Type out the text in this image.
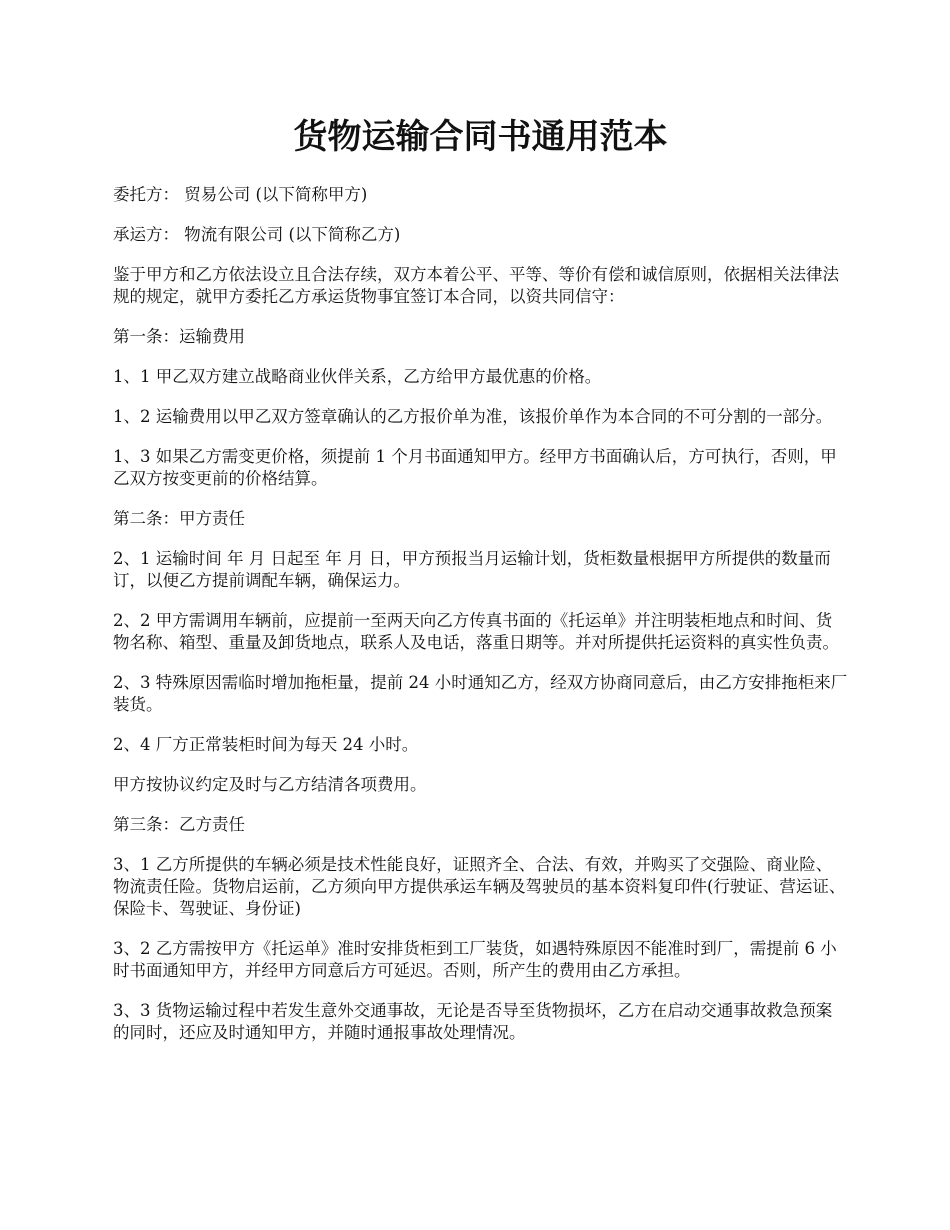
货物运输合同书通用范本

委托方： 贸易公司 (以下简称甲方)

承运方： 物流有限公司 (以下简称乙方)

鉴于甲方和乙方依法设立且合法存续，双方本着公平、平等、等价有偿和诚信原则，依据相关法律法规的规定，就甲方委托乙方承运货物事宜签订本合同，以资共同信守：

第一条：运输费用

1、1 甲乙双方建立战略商业伙伴关系，乙方给甲方最优惠的价格。

1、2 运输费用以甲乙双方签章确认的乙方报价单为准，该报价单作为本合同的不可分割的一部分。

1、3 如果乙方需变更价格，须提前 1 个月书面通知甲方。经甲方书面确认后，方可执行，否则，甲乙双方按变更前的价格结算。

第二条：甲方责任

2、1 运输时间 年 月 日起至 年 月 日，甲方预报当月运输计划，货柜数量根据甲方所提供的数量而订，以便乙方提前调配车辆，确保运力。

2、2 甲方需调用车辆前，应提前一至两天向乙方传真书面的《托运单》并注明装柜地点和时间、货物名称、箱型、重量及卸货地点，联系人及电话，落重日期等。并对所提供托运资料的真实性负责。

2、3 特殊原因需临时增加拖柜量，提前 24 小时通知乙方，经双方协商同意后，由乙方安排拖柜来厂装货。

2、4 厂方正常装柜时间为每天 24 小时。

甲方按协议约定及时与乙方结清各项费用。

第三条：乙方责任

3、1 乙方所提供的车辆必须是技术性能良好，证照齐全、合法、有效，并购买了交强险、商业险、物流责任险。货物启运前，乙方须向甲方提供承运车辆及驾驶员的基本资料复印件(行驶证、营运证、保险卡、驾驶证、身份证)

3、2 乙方需按甲方《托运单》准时安排货柜到工厂装货，如遇特殊原因不能准时到厂，需提前 6 小时书面通知甲方，并经甲方同意后方可延迟。否则，所产生的费用由乙方承担。

3、3 货物运输过程中若发生意外交通事故，无论是否导至货物损坏，乙方在启动交通事故救急预案的同时，还应及时通知甲方，并随时通报事故处理情况。
